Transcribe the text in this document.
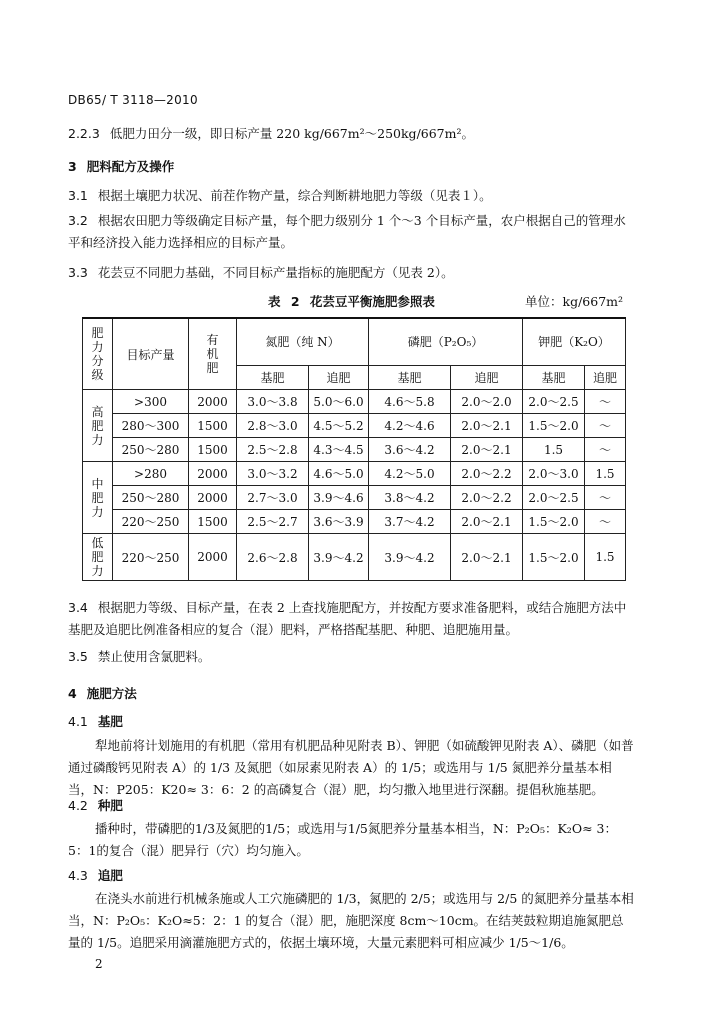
DB65/ T 3118—2010
2.2.3 低肥力田分一级，即日标产量 220 kg/667m²～250kg/667m²。
3 肥料配方及操作
3.1 根据土壤肥力状况、前茬作物产量，综合判断耕地肥力等级（见表１）。
3.2 根据农田肥力等级确定目标产量，每个肥力级别分 1 个～3 个目标产量，农户根据自己的管理水平和经济投入能力选择相应的目标产量。
3.3 花芸豆不同肥力基础，不同目标产量指标的施肥配方（见表 2）。
表 2 花芸豆平衡施肥参照表	单位：kg/667m²
肥力分级	目标产量	有机肥	氮肥（纯 N）		磷肥（P₂O₅）		钾肥（K₂O）	
			基肥	追肥	基肥	追肥	基肥	追肥

高肥力	>300	2000	3.0～3.8	5.0～6.0	4.6～5.8	2.0～2.0	2.0～2.5	～
	280～300	1500	2.8～3.0	4.5～5.2	4.2～4.6	2.0～2.1	1.5～2.0	～
	250～280	1500	2.5～2.8	4.3～4.5	3.6～4.2	2.0～2.1	1.5	～

中肥力	>280	2000	3.0～3.2	4.6～5.0	4.2～5.0	2.0～2.2	2.0～3.0	1.5
	250～280	2000	2.7～3.0	3.9～4.6	3.8～4.2	2.0～2.2	2.0～2.5	～
	220～250	1500	2.5～2.7	3.6～3.9	3.7～4.2	2.0～2.1	1.5～2.0	～

低肥力	220～250	2000	2.6～2.8	3.9～4.2	3.9～4.2	2.0～2.1	1.5～2.0	1.5
3.4 根据肥力等级、目标产量，在表 2 上查找施肥配方，并按配方要求准备肥料，或结合施肥方法中基肥及追肥比例准备相应的复合（混）肥料，严格搭配基肥、种肥、追肥施用量。
3.5 禁止使用含氯肥料。
4 施肥方法
4.1 基肥
犁地前将计划施用的有机肥（常用有机肥品种见附表 B）、钾肥（如硫酸钾见附表 A）、磷肥（如普通过磷酸钙见附表 A）的 1/3 及氮肥（如尿素见附表 A）的 1/5；或选用与 1/5 氮肥养分量基本相当，N：P205：K20≈ 3：6：2 的高磷复合（混）肥，均匀撒入地里进行深翻。提倡秋施基肥。
4.2 种肥
播种时，带磷肥的1/3及氮肥的1/5；或选用与1/5氮肥养分量基本相当，N：P₂O₅：K₂O≈ 3：5：1的复合（混）肥异行（穴）均匀施入。
4.3 追肥
在浇头水前进行机械条施或人工穴施磷肥的 1/3，氮肥的 2/5；或选用与 2/5 的氮肥养分量基本相当，N：P₂O₅：K₂O≈5：2：1 的复合（混）肥，施肥深度 8cm～10cm。在结荚鼓粒期追施氮肥总量的 1/5。追肥采用滴灌施肥方式的，依据土壤环境，大量元素肥料可相应减少 1/5～1/6。
2
